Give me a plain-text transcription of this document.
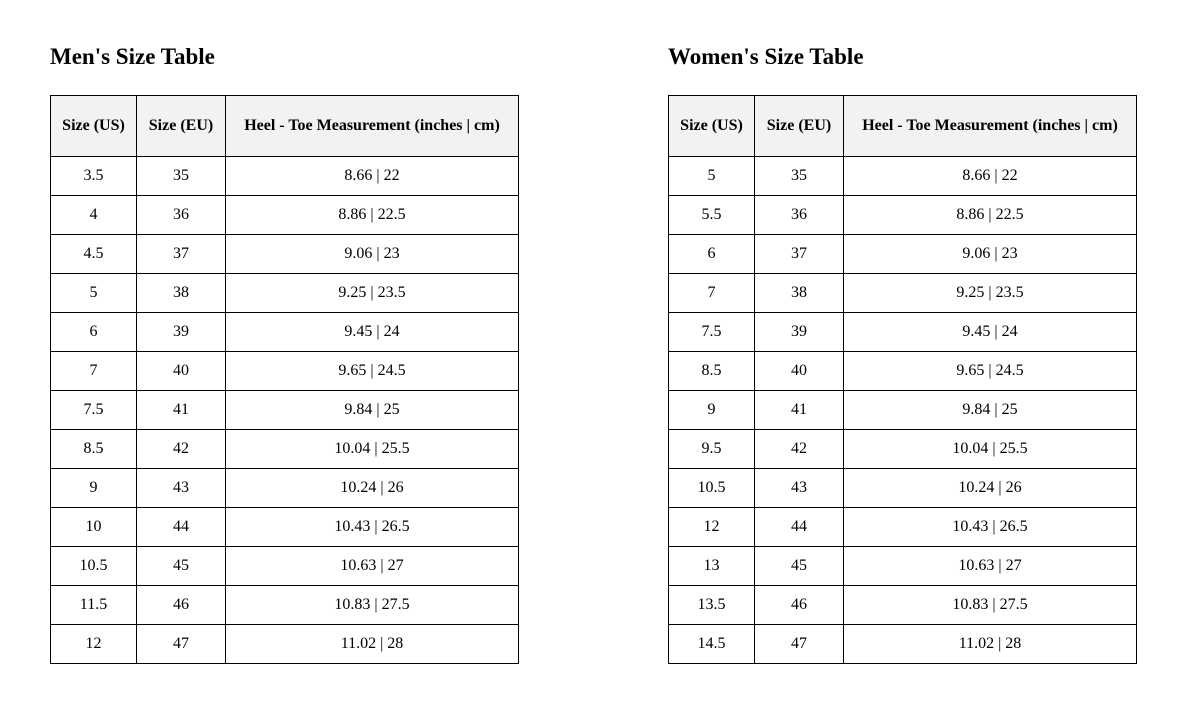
Men's Size Table
Size (US)	Size (EU)	Heel - Toe Measurement (inches | cm)
3.5	35	8.66 | 22
4	36	8.86 | 22.5
4.5	37	9.06 | 23
5	38	9.25 | 23.5
6	39	9.45 | 24
7	40	9.65 | 24.5
7.5	41	9.84 | 25
8.5	42	10.04 | 25.5
9	43	10.24 | 26
10	44	10.43 | 26.5
10.5	45	10.63 | 27
11.5	46	10.83 | 27.5
12	47	11.02 | 28
Women's Size Table
Size (US)	Size (EU)	Heel - Toe Measurement (inches | cm)
5	35	8.66 | 22
5.5	36	8.86 | 22.5
6	37	9.06 | 23
7	38	9.25 | 23.5
7.5	39	9.45 | 24
8.5	40	9.65 | 24.5
9	41	9.84 | 25
9.5	42	10.04 | 25.5
10.5	43	10.24 | 26
12	44	10.43 | 26.5
13	45	10.63 | 27
13.5	46	10.83 | 27.5
14.5	47	11.02 | 28
